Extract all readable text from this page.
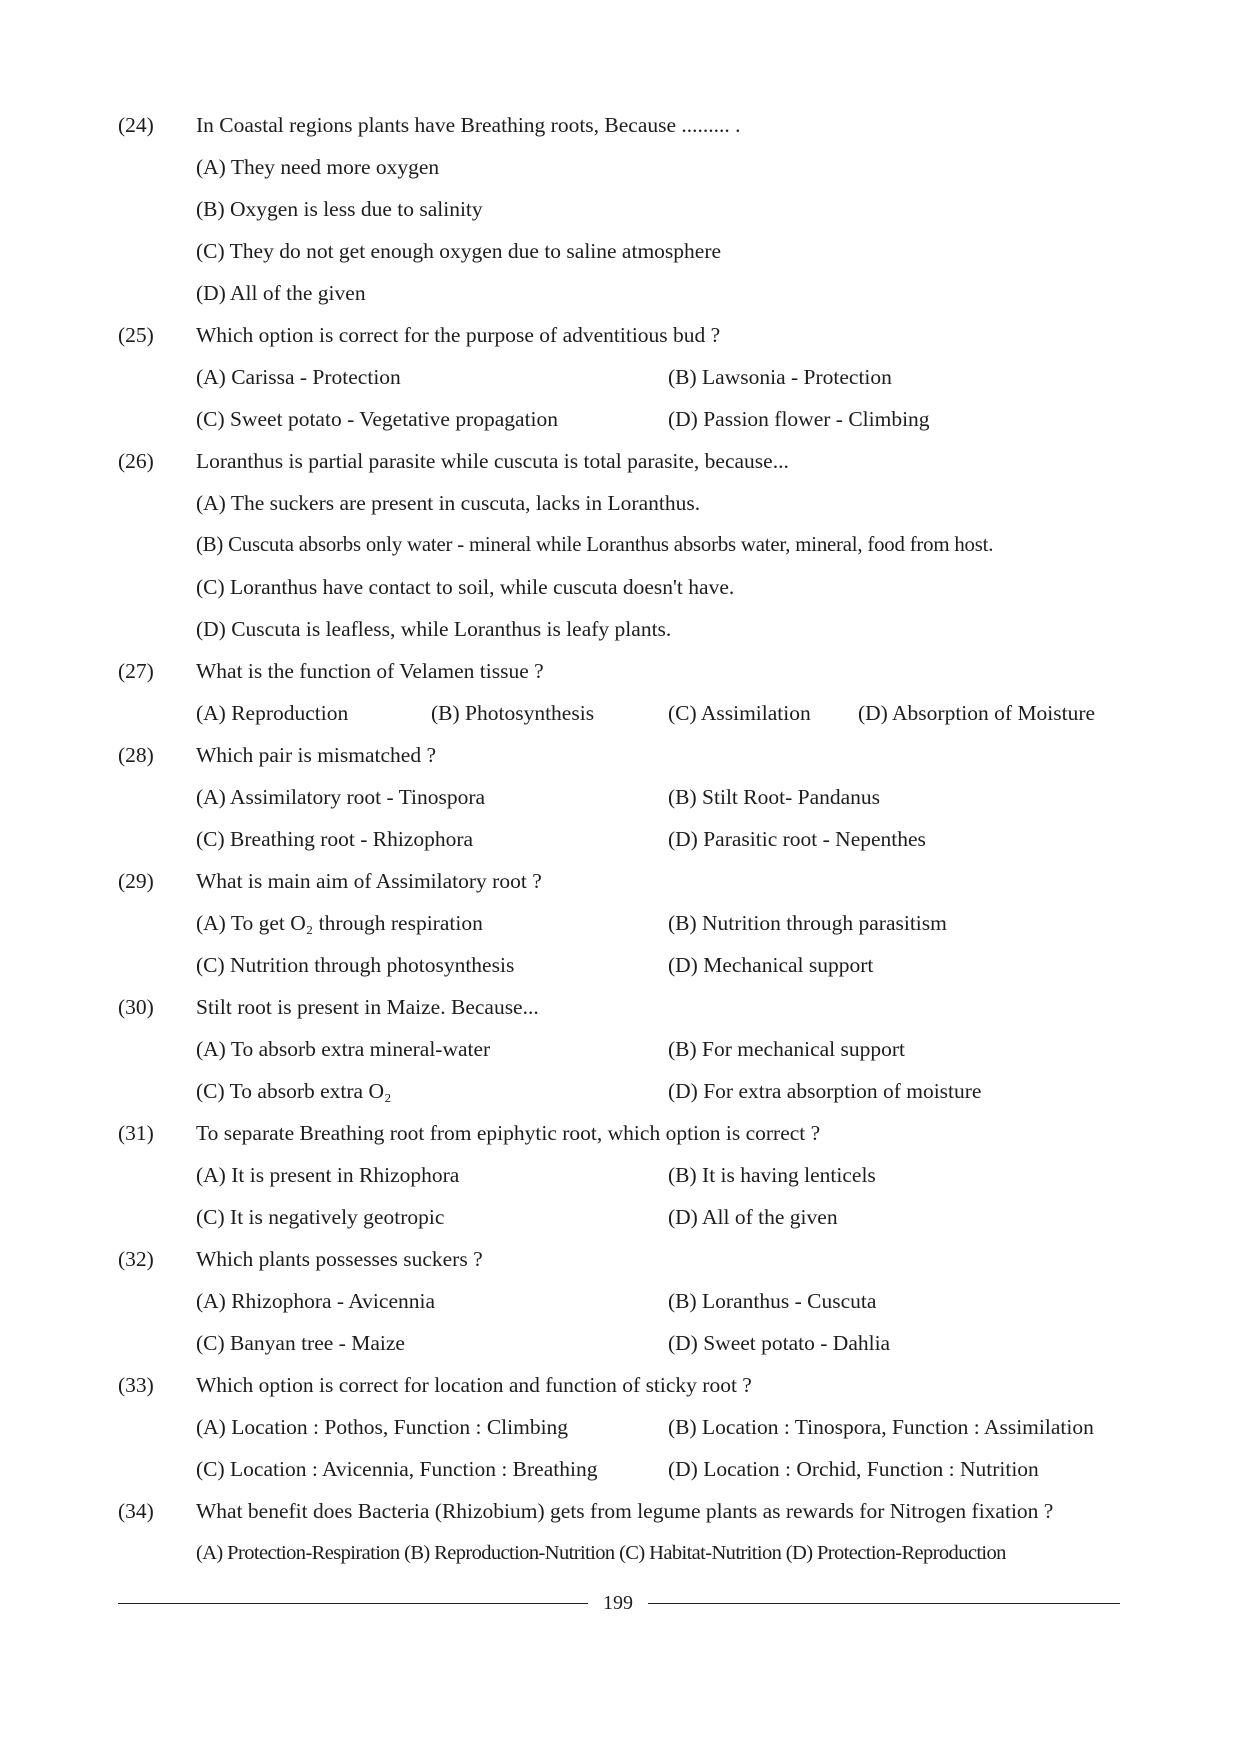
(24)	In Coastal regions plants have Breathing roots, Because ......... .
(A) They need more oxygen
(B) Oxygen is less due to salinity
(C) They do not get enough oxygen due to saline atmosphere
(D) All of the given
(25)	Which option is correct for the purpose of adventitious bud ?
(A) Carissa - Protection	(B) Lawsonia - Protection
(C) Sweet potato - Vegetative propagation	(D) Passion flower - Climbing
(26)	Loranthus is partial parasite while cuscuta is total parasite, because...
(A) The suckers are present in cuscuta, lacks in Loranthus.
(B) Cuscuta absorbs only water - mineral while Loranthus absorbs water, mineral, food from host.
(C) Loranthus have contact to soil, while cuscuta doesn't have.
(D) Cuscuta is leafless, while Loranthus is leafy plants.
(27)	What is the function of Velamen tissue ?
(A) Reproduction	(B) Photosynthesis	(C) Assimilation (D) Absorption of Moisture
(28)	Which pair is mismatched ?
(A) Assimilatory root - Tinospora	(B) Stilt Root- Pandanus
(C) Breathing root - Rhizophora	(D) Parasitic root - Nepenthes
(29)	What is main aim of Assimilatory root ?
(A) To get O₂ through respiration	(B) Nutrition through parasitism
(C) Nutrition through photosynthesis	(D) Mechanical support
(30)	Stilt root is present in Maize. Because...
(A) To absorb extra mineral-water	(B) For mechanical support
(C) To absorb extra O₂	(D) For extra absorption of moisture
(31)	To separate Breathing root from epiphytic root, which option is correct ?
(A) It is present in Rhizophora	(B) It is having lenticels
(C) It is negatively geotropic	(D) All of the given
(32)	Which plants possesses suckers ?
(A) Rhizophora - Avicennia	(B) Loranthus - Cuscuta
(C) Banyan tree - Maize	(D) Sweet potato - Dahlia
(33)	Which option is correct for location and function of sticky root ?
(A) Location : Pothos, Function : Climbing	(B) Location : Tinospora, Function : Assimilation
(C) Location : Avicennia, Function : Breathing	(D) Location : Orchid, Function : Nutrition
(34)	What benefit does Bacteria (Rhizobium) gets from legume plants as rewards for Nitrogen fixation ?
(A) Protection-Respiration (B) Reproduction-Nutrition (C) Habitat-Nutrition (D) Protection-Reproduction
199
